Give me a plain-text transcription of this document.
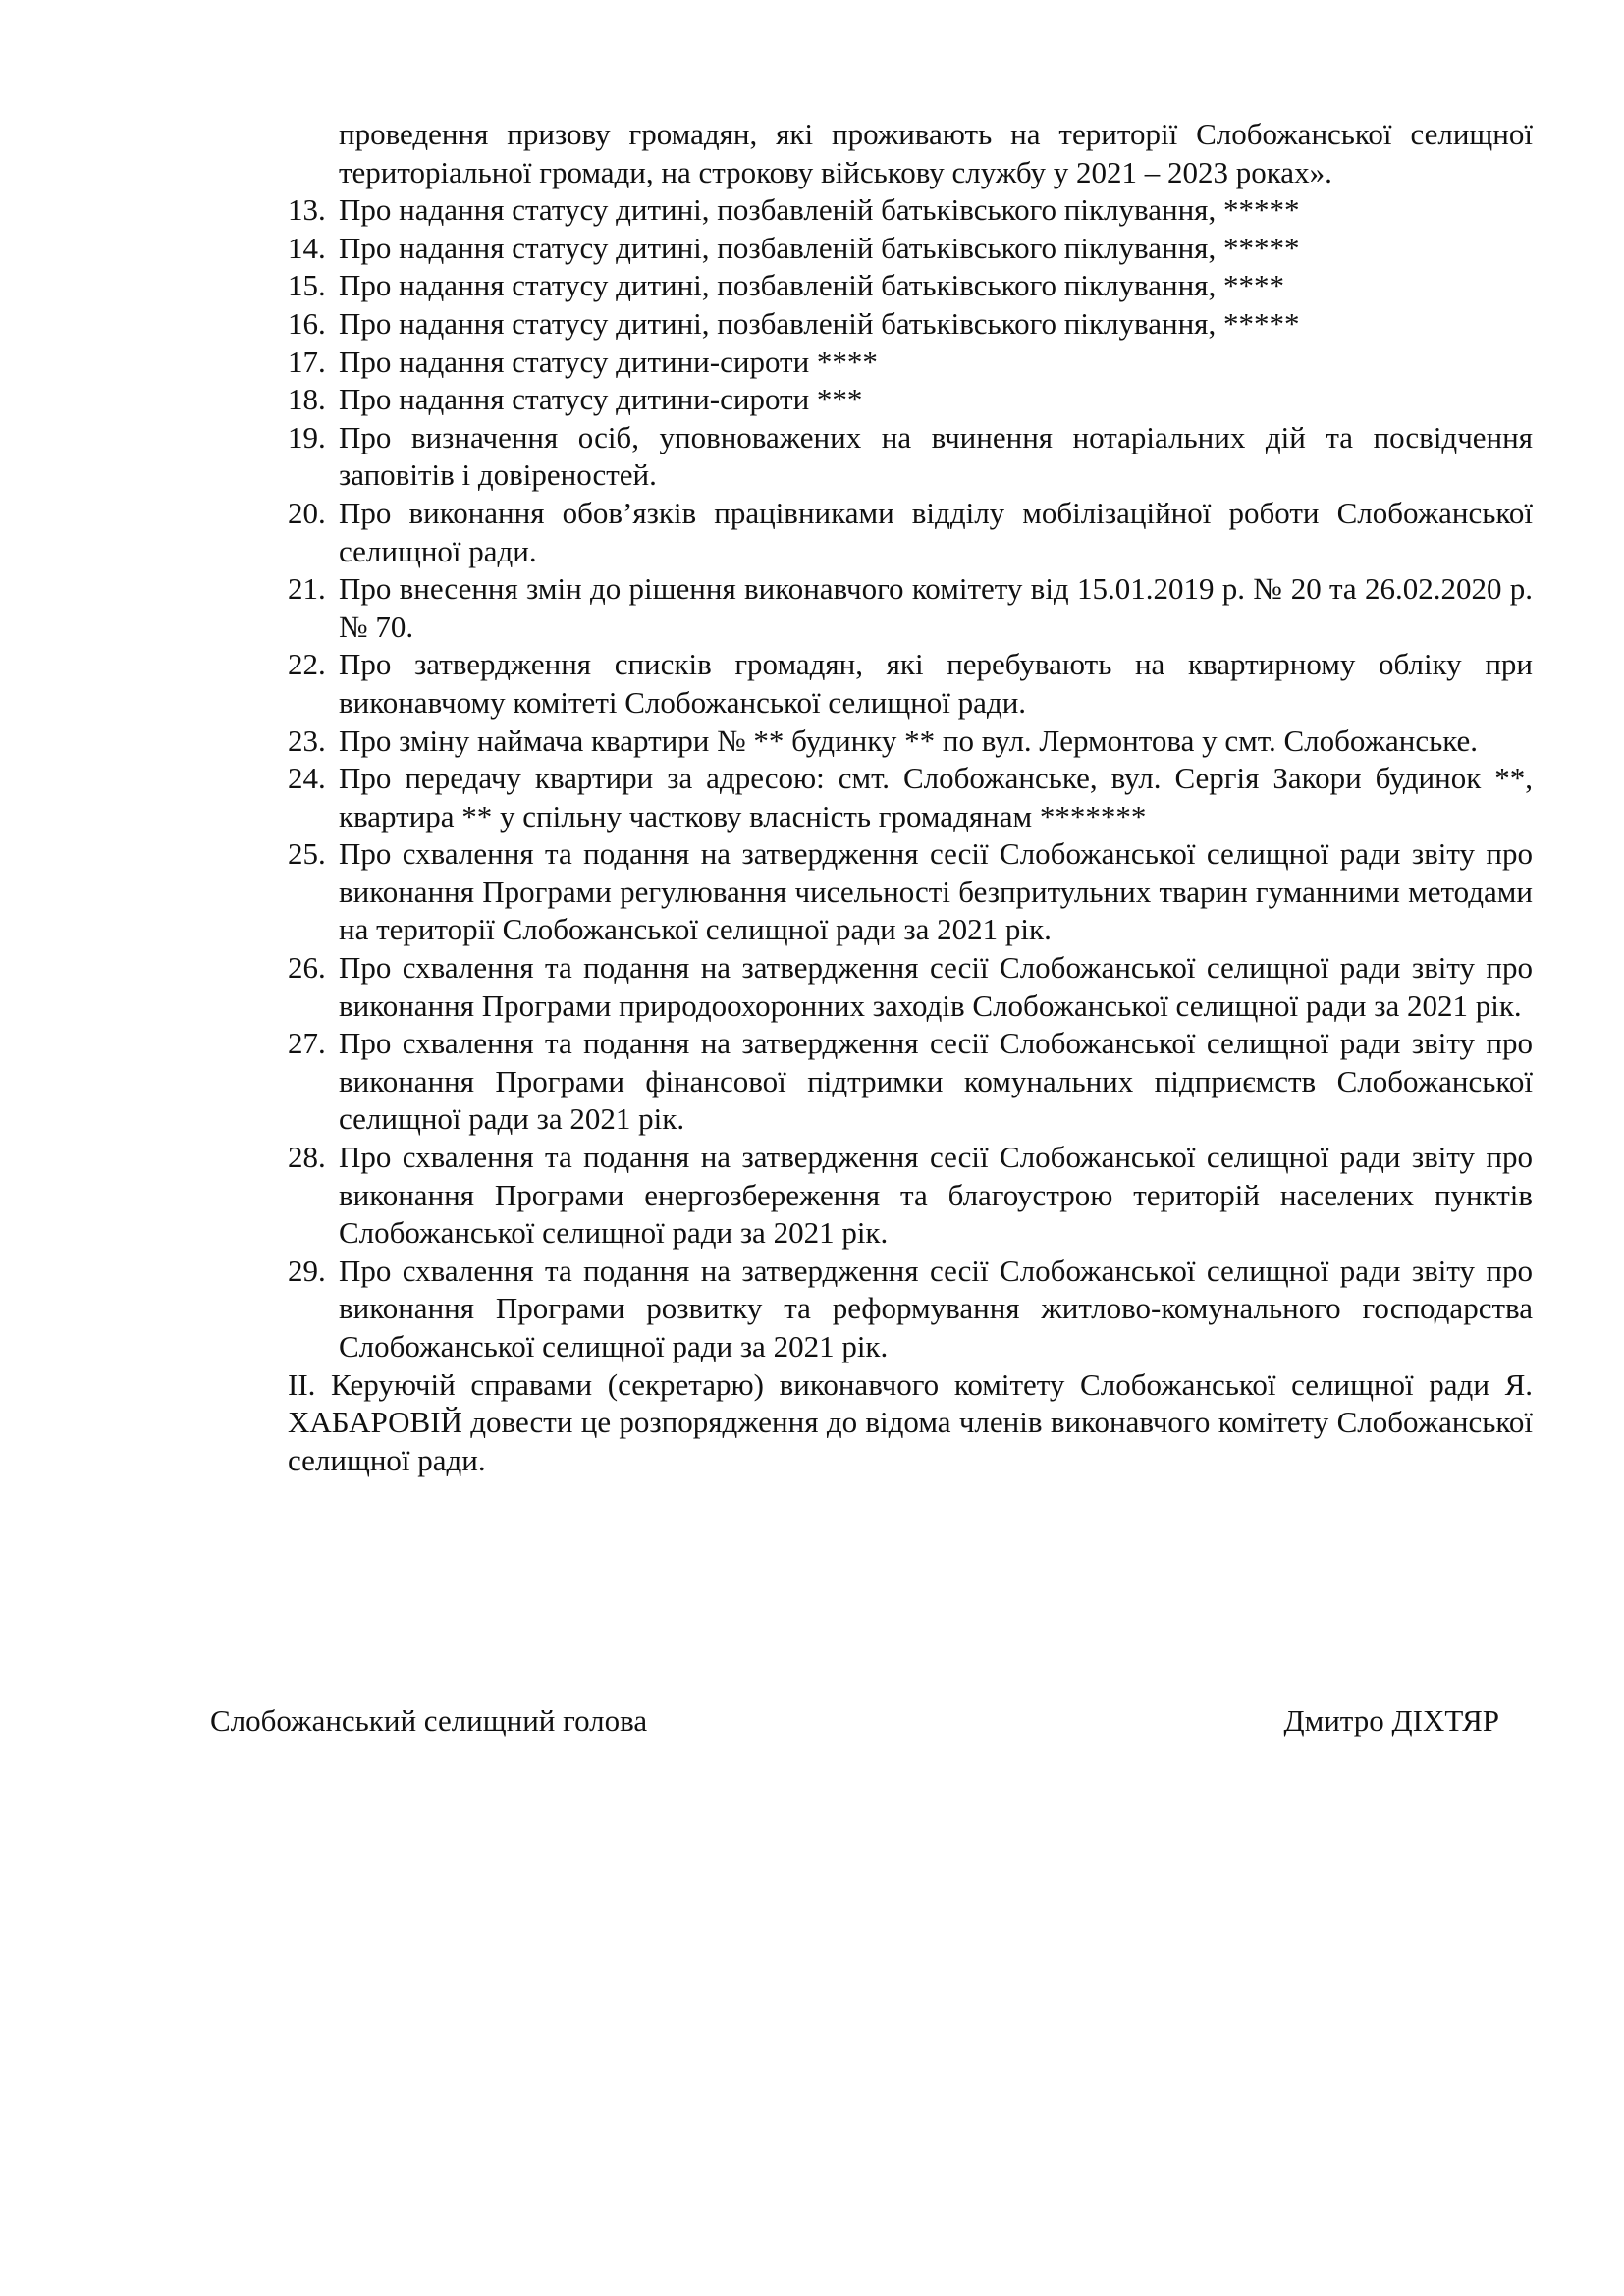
проведення призову громадян, які проживають на території Слобожанської селищної територіальної громади, на строкову військову службу у 2021 – 2023 роках».

13. Про надання статусу дитині, позбавленій батьківського піклування, *****
14. Про надання статусу дитині, позбавленій батьківського піклування, *****
15. Про надання статусу дитині, позбавленій батьківського піклування, ****
16. Про надання статусу дитині, позбавленій батьківського піклування, *****
17. Про надання статусу дитини-сироти ****
18. Про надання статусу дитини-сироти ***
19. Про визначення осіб, уповноважених на вчинення нотаріальних дій та посвідчення заповітів і довіреностей.
20. Про виконання обов’язків працівниками відділу мобілізаційної роботи Слобожанської селищної ради.
21. Про внесення змін до рішення виконавчого комітету від 15.01.2019 р. № 20 та 26.02.2020 р. № 70.
22. Про затвердження списків громадян, які перебувають на квартирному обліку при виконавчому комітеті Слобожанської селищної ради.
23. Про зміну наймача квартири № ** будинку ** по вул. Лермонтова у смт. Слобожанське.
24. Про передачу квартири за адресою: смт. Слобожанське, вул. Сергія Закори будинок **, квартира ** у спільну часткову власність громадянам *******
25. Про схвалення та подання на затвердження сесії Слобожанської селищної ради звіту про виконання Програми регулювання чисельності безпритульних тварин гуманними методами на території Слобожанської селищної ради за 2021 рік.
26. Про схвалення та подання на затвердження сесії Слобожанської селищної ради звіту про виконання Програми природоохоронних заходів Слобожанської селищної ради за 2021 рік.
27. Про схвалення та подання на затвердження сесії Слобожанської селищної ради звіту про виконання Програми фінансової підтримки комунальних підприємств Слобожанської селищної ради за 2021 рік.
28. Про схвалення та подання на затвердження сесії Слобожанської селищної ради звіту про виконання Програми енергозбереження та благоустрою територій населених пунктів Слобожанської селищної ради за 2021 рік.
29. Про схвалення та подання на затвердження сесії Слобожанської селищної ради звіту про виконання Програми розвитку та реформування житлово-комунального господарства Слобожанської селищної ради за 2021 рік.

ІІ. Керуючій справами (секретарю) виконавчого комітету Слобожанської селищної ради Я. ХАБАРОВІЙ довести це розпорядження до відома членів виконавчого комітету Слобожанської селищної ради.

Слобожанський селищний голова	Дмитро ДІХТЯР
